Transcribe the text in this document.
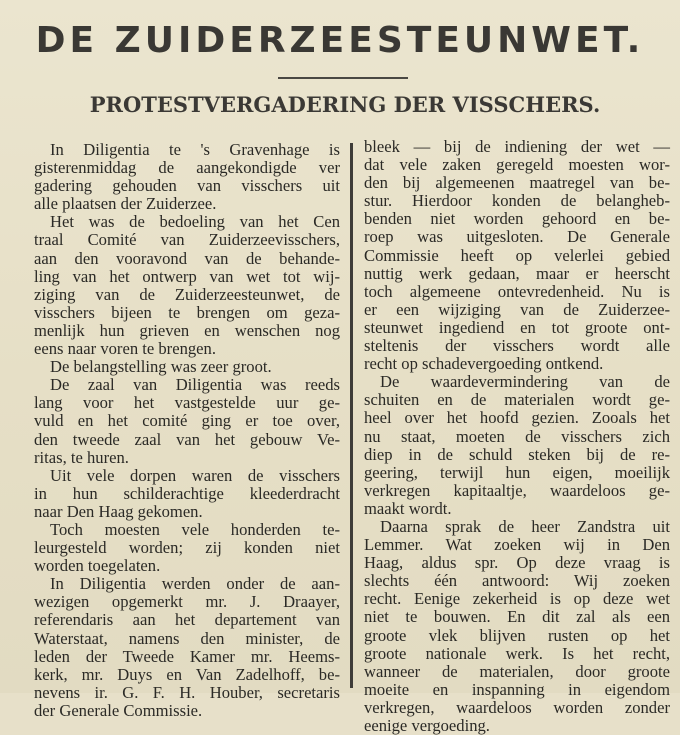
DE ZUIDERZEESTEUNWET.
PROTESTVERGADERING DER VISSCHERS.
In Diligentia te 's Gravenhage is
gisterenmiddag de aangekondigde ver
gadering gehouden van visschers uit
alle plaatsen der Zuiderzee.
Het was de bedoeling van het Cen
traal Comité van Zuiderzeevisschers,
aan den vooravond van de behande-
ling van het ontwerp van wet tot wij-
ziging van de Zuiderzeesteunwet, de
visschers bijeen te brengen om geza-
menlijk hun grieven en wenschen nog
eens naar voren te brengen.
De belangstelling was zeer groot.
De zaal van Diligentia was reeds
lang voor het vastgestelde uur ge-
vuld en het comité ging er toe over,
den tweede zaal van het gebouw Ve-
ritas, te huren.
Uit vele dorpen waren de visschers
in hun schilderachtige kleederdracht
naar Den Haag gekomen.
Toch moesten vele honderden te-
leurgesteld worden; zij konden niet
worden toegelaten.
In Diligentia werden onder de aan-
wezigen opgemerkt mr. J. Draayer,
referendaris aan het departement van
Waterstaat, namens den minister, de
leden der Tweede Kamer mr. Heems-
kerk, mr. Duys en Van Zadelhoff, be-
nevens ir. G. F. H. Houber, secretaris
der Generale Commissie.
bleek — bij de indiening der wet —
dat vele zaken geregeld moesten wor-
den bij algemeenen maatregel van be-
stur. Hierdoor konden de belangheb-
benden niet worden gehoord en be-
roep was uitgesloten. De Generale
Commissie heeft op velerlei gebied
nuttig werk gedaan, maar er heerscht
toch algemeene ontevredenheid. Nu is
er een wijziging van de Zuiderzee-
steunwet ingediend en tot groote ont-
steltenis der visschers wordt alle
recht op schadevergoeding ontkend.
De waardevermindering van de
schuiten en de materialen wordt ge-
heel over het hoofd gezien. Zooals het
nu staat, moeten de visschers zich
diep in de schuld steken bij de re-
geering, terwijl hun eigen, moeilijk
verkregen kapitaaltje, waardeloos ge-
maakt wordt.
Daarna sprak de heer Zandstra uit
Lemmer. Wat zoeken wij in Den
Haag, aldus spr. Op deze vraag is
slechts één antwoord: Wij zoeken
recht. Eenige zekerheid is op deze wet
niet te bouwen. En dit zal als een
groote vlek blijven rusten op het
groote nationale werk. Is het recht,
wanneer de materialen, door groote
moeite en inspanning in eigendom
verkregen, waardeloos worden zonder
eenige vergoeding.
